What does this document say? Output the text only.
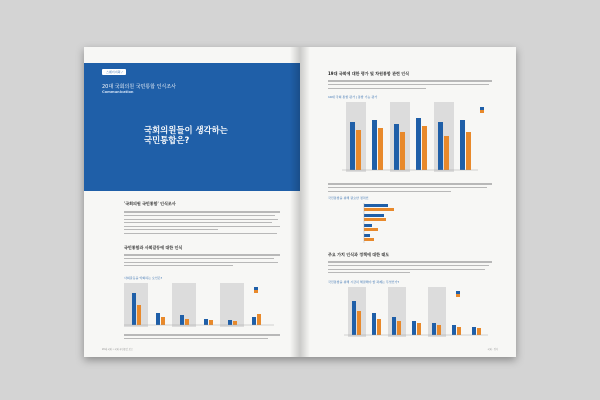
스웨이지웍 /
20대 국회의원 국민통합 인식조사
Communication
국회의원들이 생각하는
국민통합은?
'국회의원 국민통합' 인식조사
국민통합과 사회갈등에 대한 인식
사회갈등을 악화하는 요인은?
20대 국회 • 국회 국민통합 보고
19대 국회에 대한 평가 및 차원통합 관련 인식
19대 국회 통합 평가 | 통합 기능 평가
국민통합을 위해 필요한 정치인
주요 가치 인식과 정책에 대한 태도
국민통합을 위해 시급히 해결해야 할 과제는 무엇인가?
국회 · 정치
